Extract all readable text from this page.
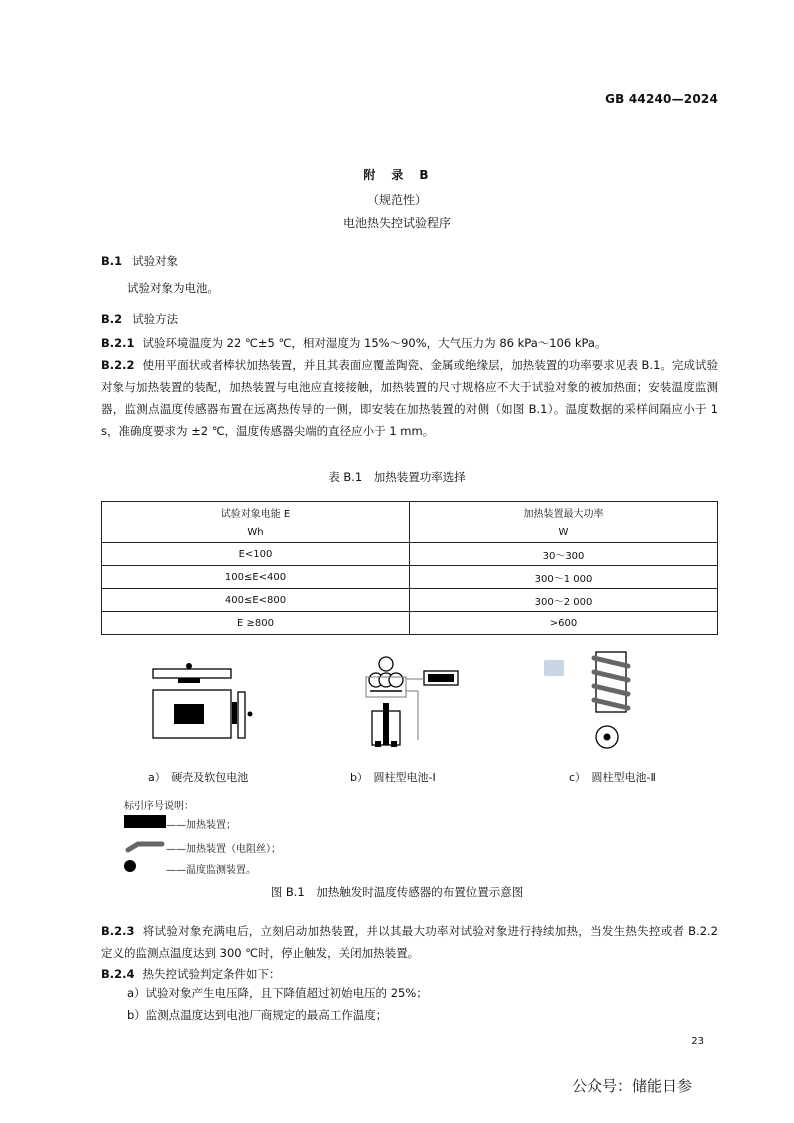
GB 44240—2024
附　录　B
（规范性）
电池热失控试验程序
B.1 试验对象
试验对象为电池。
B.2 试验方法
B.2.1 试验环境温度为 22 ℃±5 ℃，相对湿度为 15%～90%，大气压力为 86 kPa～106 kPa。
B.2.2 使用平面状或者棒状加热装置，并且其表面应覆盖陶瓷、金属或绝缘层，加热装置的功率要求见表 B.1。完成试验对象与加热装置的装配，加热装置与电池应直接接触，加热装置的尺寸规格应不大于试验对象的被加热面；安装温度监测器，监测点温度传感器布置在远离热传导的一侧，即安装在加热装置的对侧（如图 B.1）。温度数据的采样间隔应小于 1 s，准确度要求为 ±2 ℃，温度传感器尖端的直径应小于 1 mm。
表 B.1　加热装置功率选择
试验对象电能 E	加热装置最大功率
Wh	W
E<100	30～300
100≤E<400	300～1 000
400≤E<800	300～2 000
E ≥800	>600
a）　硬壳及软包电池	b）　圆柱型电池-Ⅰ	c）　圆柱型电池-Ⅱ
标引序号说明：
——加热装置；
——加热装置（电阻丝）；
——温度监测装置。
图 B.1　加热触发时温度传感器的布置位置示意图
B.2.3 将试验对象充满电后，立刻启动加热装置，并以其最大功率对试验对象进行持续加热，当发生热失控或者 B.2.2 定义的监测点温度达到 300 ℃时，停止触发，关闭加热装置。
B.2.4 热失控试验判定条件如下：
a）试验对象产生电压降，且下降值超过初始电压的 25%；
b）监测点温度达到电池厂商规定的最高工作温度；
23
公众号：储能日参
